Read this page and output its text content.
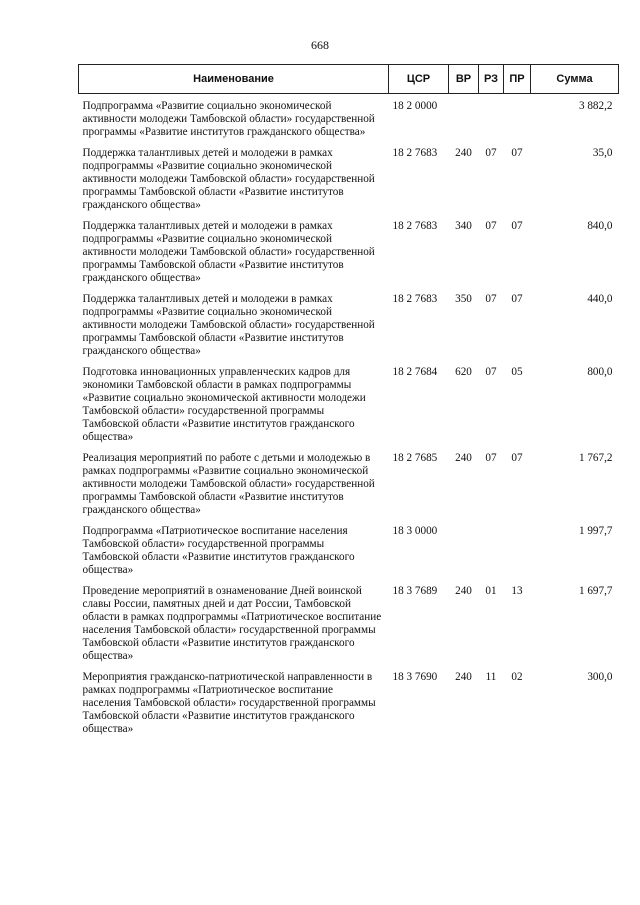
668
Наименование	ЦСР	ВР	РЗ	ПР	Сумма

Подпрограмма «Развитие социально экономической активности молодежи Тамбовской области» государственной программы «Развитие институтов гражданского общества»	18 2 0000				3 882,2
Поддержка талантливых детей и молодежи в рамках подпрограммы «Развитие социально экономической активности молодежи Тамбовской области» государственной программы Тамбовской области «Развитие институтов гражданского общества»	18 2 7683	240	07	07	35,0
Поддержка талантливых детей и молодежи в рамках подпрограммы «Развитие социально экономической активности молодежи Тамбовской области» государственной программы Тамбовской области «Развитие институтов гражданского общества»	18 2 7683	340	07	07	840,0
Поддержка талантливых детей и молодежи в рамках подпрограммы «Развитие социально экономической активности молодежи Тамбовской области» государственной программы Тамбовской области «Развитие институтов гражданского общества»	18 2 7683	350	07	07	440,0
Подготовка инновационных управленческих кадров для экономики Тамбовской области в рамках подпрограммы «Развитие социально экономической активности молодежи Тамбовской области» государственной программы Тамбовской области «Развитие институтов гражданского общества»	18 2 7684	620	07	05	800,0
Реализация мероприятий по работе с детьми и молодежью в рамках подпрограммы «Развитие социально экономической активности молодежи Тамбовской области» государственной программы Тамбовской области «Развитие институтов гражданского общества»	18 2 7685	240	07	07	1 767,2
Подпрограмма «Патриотическое воспитание населения Тамбовской области» государственной программы Тамбовской области «Развитие институтов гражданского общества»	18 3 0000				1 997,7
Проведение мероприятий в ознаменование Дней воинской славы России, памятных дней и дат России, Тамбовской области в рамках подпрограммы «Патриотическое воспитание населения Тамбовской области» государственной программы Тамбовской области «Развитие институтов гражданского общества»	18 3 7689	240	01	13	1 697,7
Мероприятия гражданско-патриотической направленности в рамках подпрограммы «Патриотическое воспитание населения Тамбовской области» государственной программы Тамбовской области «Развитие институтов гражданского общества»	18 3 7690	240	11	02	300,0
